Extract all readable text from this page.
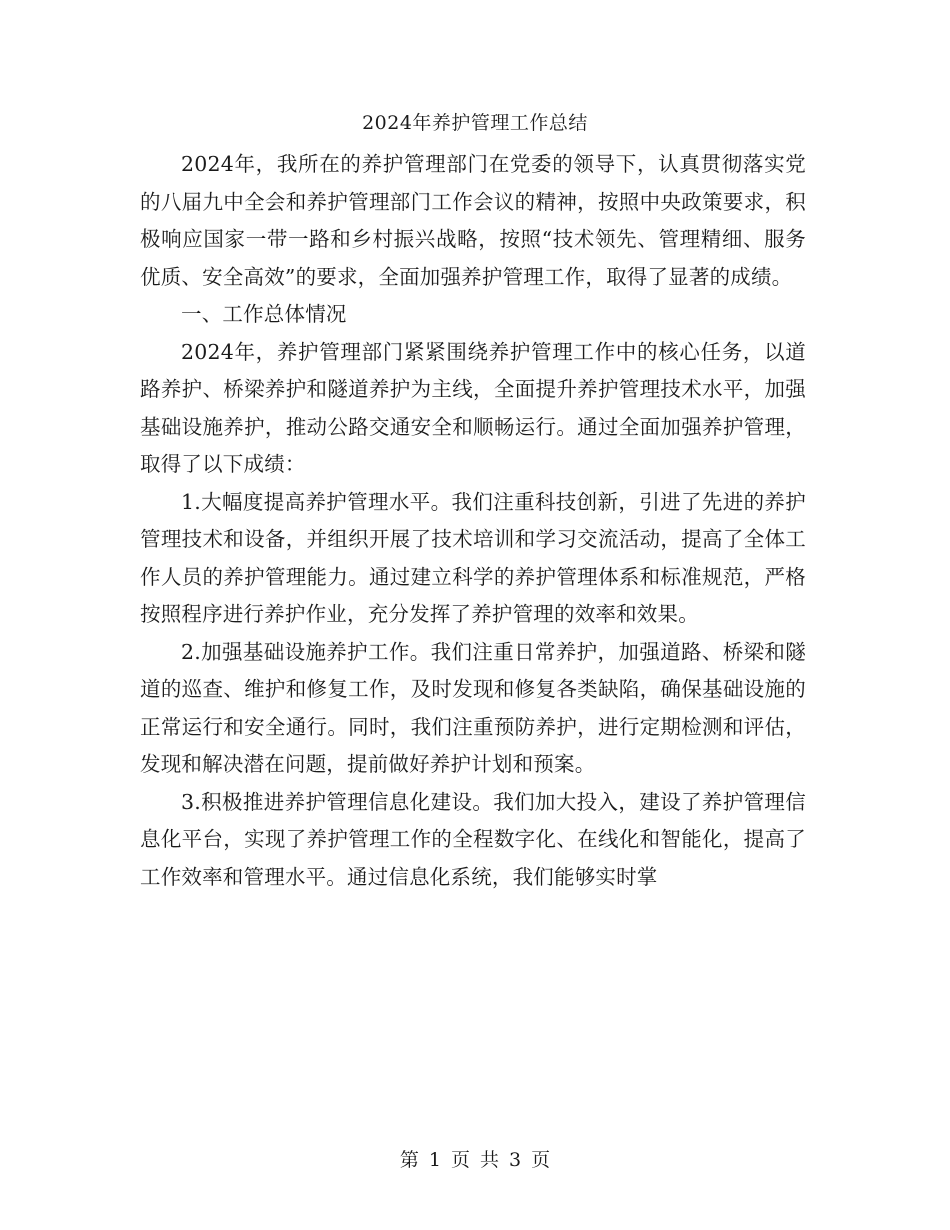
2024年养护管理工作总结

2024年，我所在的养护管理部门在党委的领导下，认真贯彻落实党的八届九中全会和养护管理部门工作会议的精神，按照中央政策要求，积极响应国家一带一路和乡村振兴战略，按照“技术领先、管理精细、服务优质、安全高效”的要求，全面加强养护管理工作，取得了显著的成绩。

一、工作总体情况

2024年，养护管理部门紧紧围绕养护管理工作中的核心任务，以道路养护、桥梁养护和隧道养护为主线，全面提升养护管理技术水平，加强基础设施养护，推动公路交通安全和顺畅运行。通过全面加强养护管理，取得了以下成绩：

1.大幅度提高养护管理水平。我们注重科技创新，引进了先进的养护管理技术和设备，并组织开展了技术培训和学习交流活动，提高了全体工作人员的养护管理能力。通过建立科学的养护管理体系和标准规范，严格按照程序进行养护作业，充分发挥了养护管理的效率和效果。

2.加强基础设施养护工作。我们注重日常养护，加强道路、桥梁和隧道的巡查、维护和修复工作，及时发现和修复各类缺陷，确保基础设施的正常运行和安全通行。同时，我们注重预防养护，进行定期检测和评估，发现和解决潜在问题，提前做好养护计划和预案。

3.积极推进养护管理信息化建设。我们加大投入，建设了养护管理信息化平台，实现了养护管理工作的全程数字化、在线化和智能化，提高了工作效率和管理水平。通过信息化系统，我们能够实时掌

第 1 页 共 3 页
